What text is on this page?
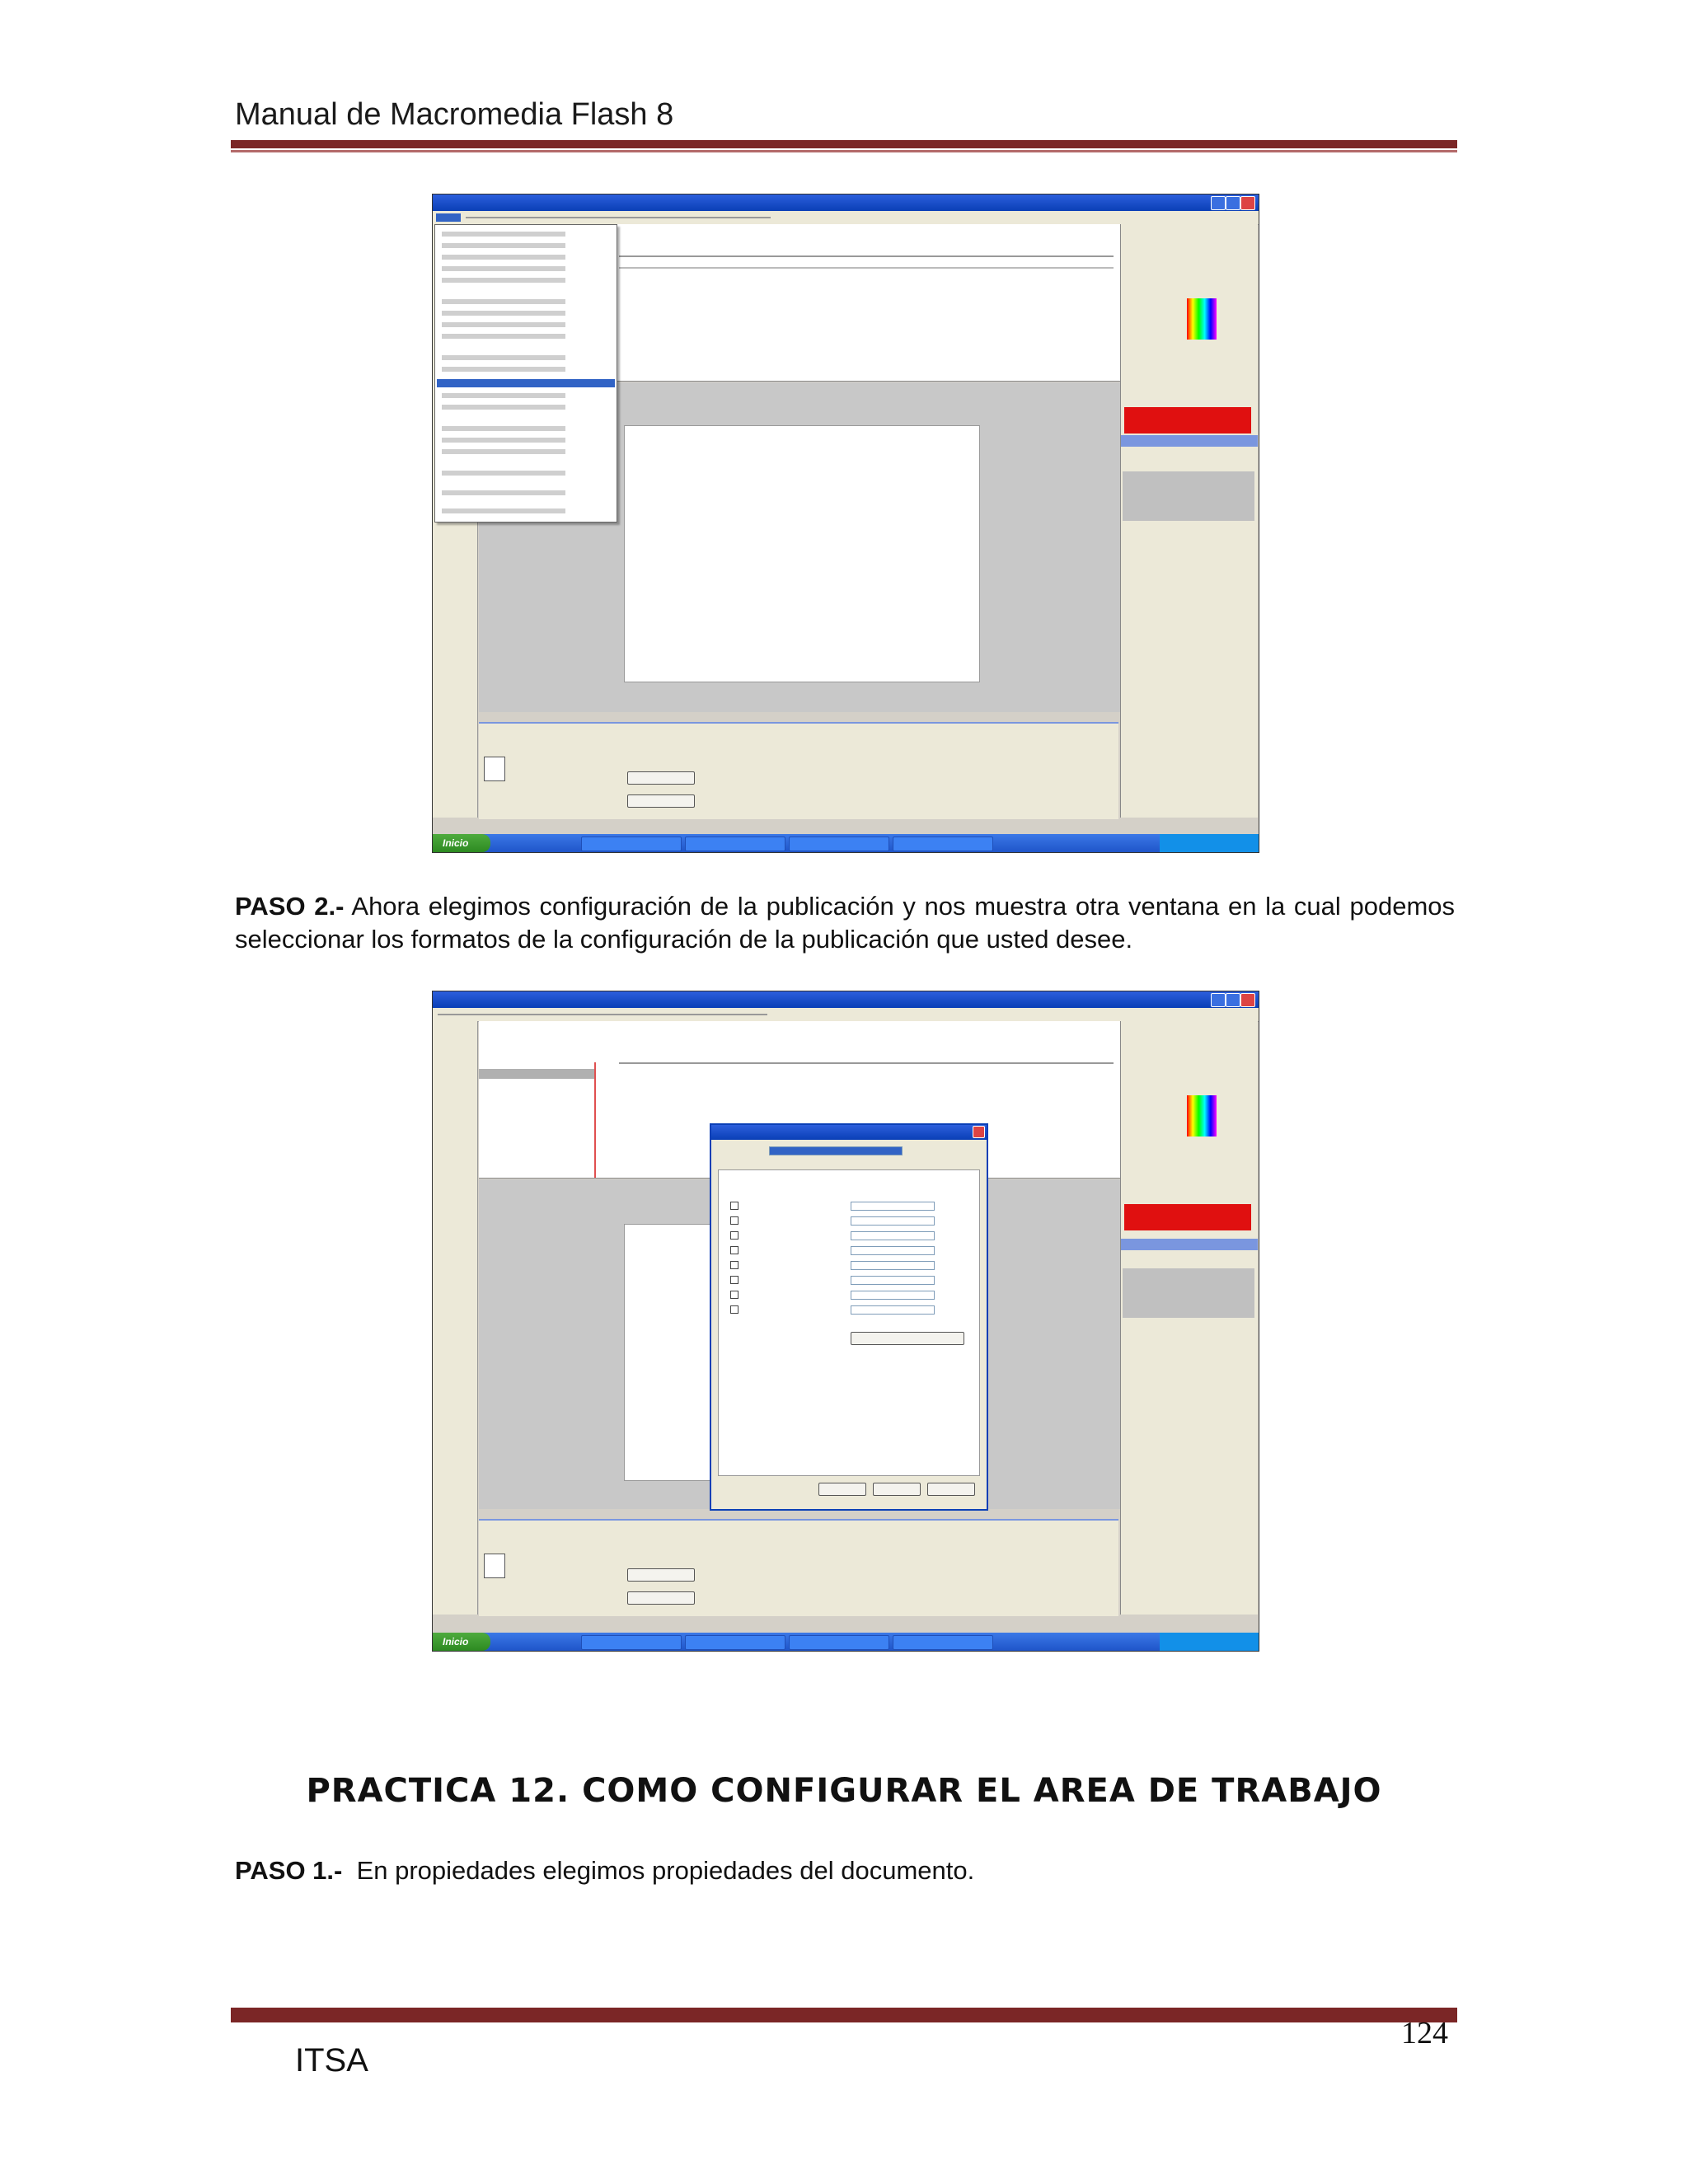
Manual de Macromedia Flash 8
Inicio

PASO 2.- Ahora elegimos configuración de la publicación y nos muestra otra ventana en la cual podemos seleccionar los formatos de la configuración de la publicación que usted desee.

Inicio
PRACTICA 12. COMO CONFIGURAR EL AREA DE TRABAJO

PASO 1.-  En propiedades elegimos propiedades del documento.

124
ITSA
